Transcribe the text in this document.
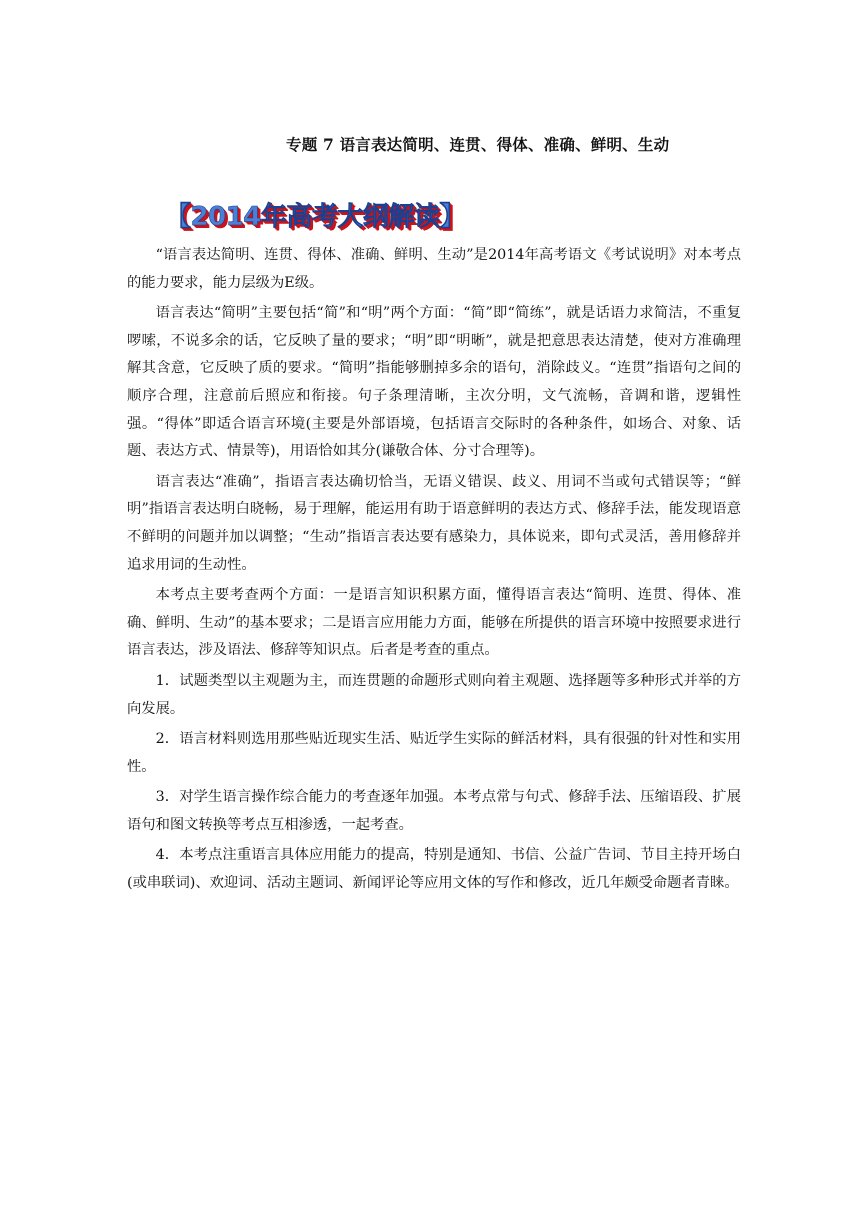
专题 7 语言表达简明、连贯、得体、准确、鲜明、生动
【2014年高考大纲解读】

“语言表达简明、连贯、得体、准确、鲜明、生动”是2014年高考语文《考试说明》对本考点的能力要求，能力层级为E级。

语言表达“简明”主要包括“简”和“明”两个方面：“简”即“简练”，就是话语力求简洁，不重复啰嗦，不说多余的话，它反映了量的要求；“明”即“明晰”，就是把意思表达清楚，使对方准确理解其含意，它反映了质的要求。“简明”指能够删掉多余的语句，消除歧义。“连贯”指语句之间的顺序合理，注意前后照应和衔接。句子条理清晰，主次分明，文气流畅，音调和谐，逻辑性强。“得体”即适合语言环境(主要是外部语境，包括语言交际时的各种条件，如场合、对象、话题、表达方式、情景等)，用语恰如其分(谦敬合体、分寸合理等)。

语言表达“准确”，指语言表达确切恰当，无语义错误、歧义、用词不当或句式错误等；“鲜明”指语言表达明白晓畅，易于理解，能运用有助于语意鲜明的表达方式、修辞手法，能发现语意不鲜明的问题并加以调整；“生动”指语言表达要有感染力，具体说来，即句式灵活，善用修辞并追求用词的生动性。

本考点主要考查两个方面：一是语言知识积累方面，懂得语言表达“简明、连贯、得体、准确、鲜明、生动”的基本要求；二是语言应用能力方面，能够在所提供的语言环境中按照要求进行语言表达，涉及语法、修辞等知识点。后者是考查的重点。

1．试题类型以主观题为主，而连贯题的命题形式则向着主观题、选择题等多种形式并举的方向发展。

2．语言材料则选用那些贴近现实生活、贴近学生实际的鲜活材料，具有很强的针对性和实用性。

3．对学生语言操作综合能力的考查逐年加强。本考点常与句式、修辞手法、压缩语段、扩展语句和图文转换等考点互相渗透，一起考查。

4．本考点注重语言具体应用能力的提高，特别是通知、书信、公益广告词、节目主持开场白(或串联词)、欢迎词、活动主题词、新闻评论等应用文体的写作和修改，近几年颇受命题者青睐。
